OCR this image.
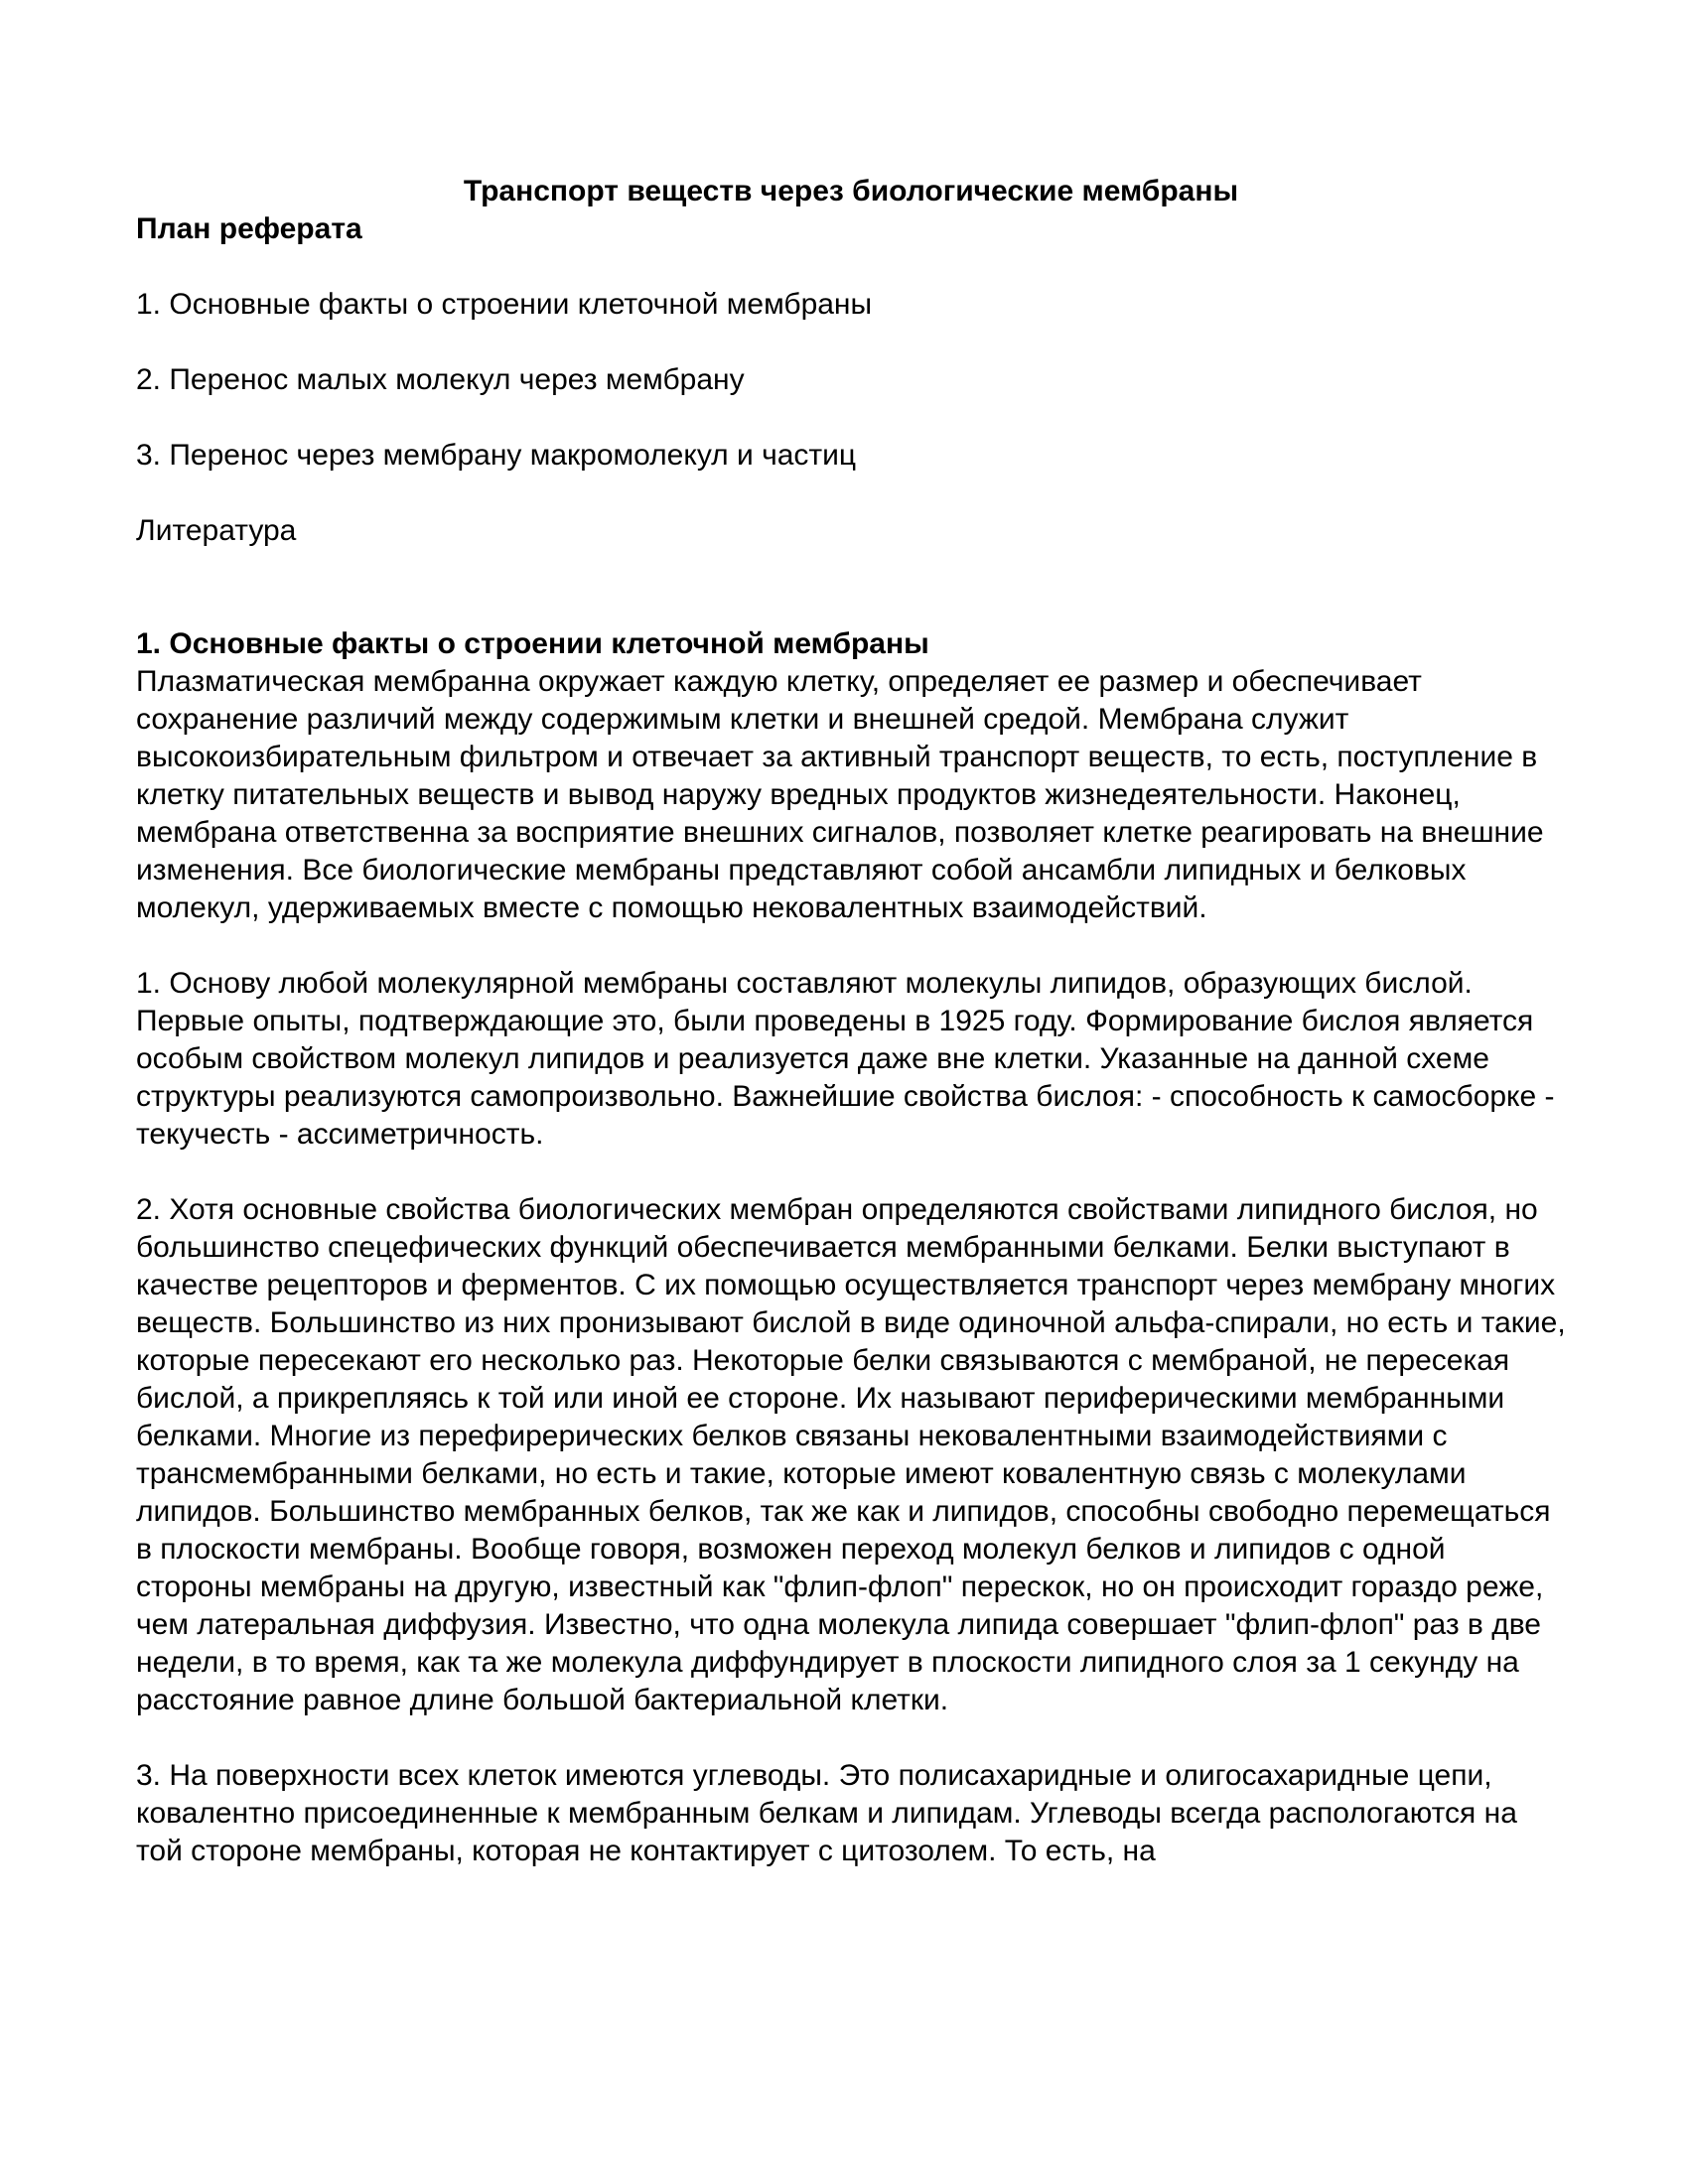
Транспорт веществ через биологические мембраны

План реферата

1. Основные факты о строении клеточной мембраны

2. Перенос малых молекул через мембрану

3. Перенос через мембрану макромолекул и частиц

Литература

1. Основные факты о строении клеточной мембраны

Плазматическая мембранна окружает каждую клетку, определяет ее размер и обеспечивает сохранение различий между содержимым клетки и внешней средой. Мембрана служит высокоизбирательным фильтром и отвечает за активный транспорт веществ, то есть, поступление в клетку питательных веществ и вывод наружу вредных продуктов жизнедеятельности. Наконец, мембрана ответственна за восприятие внешних сигналов, позволяет клетке реагировать на внешние изменения. Все биологические мембраны представляют собой ансамбли липидных и белковых молекул, удерживаемых вместе с помощью нековалентных взаимодействий.

1. Основу любой молекулярной мембраны составляют молекулы липидов, образующих бислой. Первые опыты, подтверждающие это, были проведены в 1925 году. Формирование бислоя является особым свойством молекул липидов и реализуется даже вне клетки. Указанные на данной схеме структуры реализуются самопроизвольно. Важнейшие свойства бислоя: - способность к самосборке - текучесть - ассиметричность.

2. Хотя основные свойства биологических мембран определяются свойствами липидного бислоя, но большинство спецефических функций обеспечивается мембранными белками. Белки выступают в качестве рецепторов и ферментов. С их помощью осуществляется транспорт через мембрану многих веществ. Большинство из них пронизывают бислой в виде одиночной альфа-спирали, но есть и такие, которые пересекают его несколько раз. Некоторые белки связываются с мембраной, не пересекая бислой, а прикрепляясь к той или иной ее стороне. Их называют периферическими мембранными белками. Многие из перефирерических белков связаны нековалентными взаимодействиями с трансмембранными белками, но есть и такие, которые имеют ковалентную связь с молекулами липидов. Большинство мембранных белков, так же как и липидов, способны свободно перемещаться в плоскости мембраны. Вообще говоря, возможен переход молекул белков и липидов с одной стороны мембраны на другую, известный как "флип-флоп" перескок, но он происходит гораздо реже, чем латеральная диффузия. Известно, что одна молекула липида совершает "флип-флоп" раз в две недели, в то время, как та же молекула диффундирует в плоскости липидного слоя за 1 секунду на расстояние равное длине большой бактериальной клетки.

3. На поверхности всех клеток имеются углеводы. Это полисахаридные и олигосахаридные цепи, ковалентно присоединенные к мембранным белкам и липидам. Углеводы всегда распологаются на той стороне мембраны, которая не контактирует с цитозолем. То есть, на
